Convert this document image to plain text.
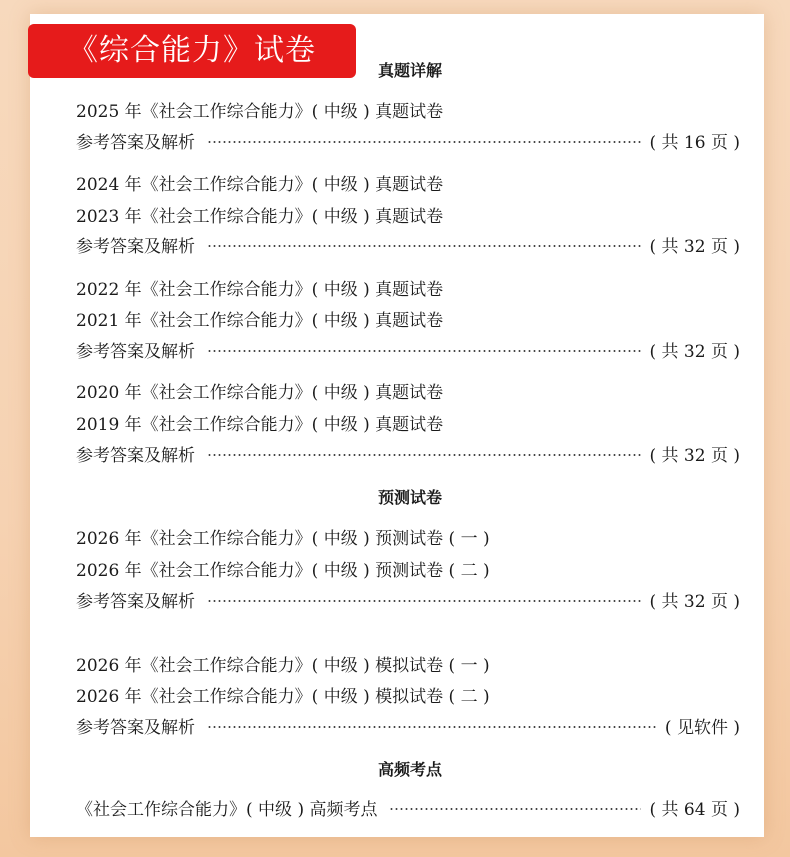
《综合能力》试卷
真题详解
2025 年《社会工作综合能力》( 中级 ) 真题试卷
参考答案及解析	( 共 16 页 )
2024 年《社会工作综合能力》( 中级 ) 真题试卷
2023 年《社会工作综合能力》( 中级 ) 真题试卷
参考答案及解析	( 共 32 页 )
2022 年《社会工作综合能力》( 中级 ) 真题试卷
2021 年《社会工作综合能力》( 中级 ) 真题试卷
参考答案及解析	( 共 32 页 )
2020 年《社会工作综合能力》( 中级 ) 真题试卷
2019 年《社会工作综合能力》( 中级 ) 真题试卷
参考答案及解析	( 共 32 页 )
预测试卷
2026 年《社会工作综合能力》( 中级 ) 预测试卷 ( 一 )
2026 年《社会工作综合能力》( 中级 ) 预测试卷 ( 二 )
参考答案及解析	( 共 32 页 )
2026 年《社会工作综合能力》( 中级 ) 模拟试卷 ( 一 )
2026 年《社会工作综合能力》( 中级 ) 模拟试卷 ( 二 )
参考答案及解析	( 见软件 )
高频考点
《社会工作综合能力》( 中级 ) 高频考点	( 共 64 页 )
